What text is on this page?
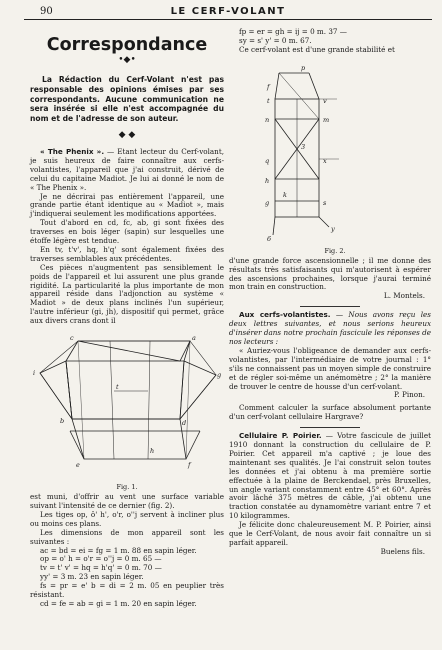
90	LE CERF-VOLANT
Correspondance
•◆•
La Rédaction du Cerf-Volant n'est pas responsable des opinions émises par ses correspondants. Aucune communication ne sera insérée si elle n'est accompagnée du nom et de l'adresse de son auteur.
◆ ◆

« The Phenix ». — Etant lecteur du Cerf-volant, je suis heureux de faire connaître aux cerfs-volantistes, l'appareil que j'ai construit, dérivé de celui du capitaine Madiot. Je lui ai donné le nom de « The Phenix ».

Je ne décrirai pas entièrement l'appareil, une grande partie étant identique au « Madiot », mais j'indiquerai seulement les modifications apportées.

Tout d'abord en cd, fc, ab, gi sont fixées des traverses en bois léger (sapin) sur lesquelles une étoffe légère est tendue.

En tv, t'v', hq, h'q' sont également fixées des traverses semblables aux précédentes.

Ces pièces n'augmentent pas sensiblement le poids de l'appareil et lui assurent une plus grande rigidité. La particularité la plus importante de mon appareil réside dans l'adjonction au système « Madiot » de deux plans inclinés l'un supérieur, l'autre inférieur (gi, jh), dispositif qui permet, grâce aux divers crans dont il

c	a
i	g
b	d
t
e	f
h
Fig. 1.

est muni, d'offrir au vent une surface variable suivant l'intensité de ce dernier (fig. 2).

Les tiges op, ô' h', o'r, o''j servent à incliner plus ou moins ces plans.

Les dimensions de mon appareil sont les suivantes :

ac = bd = ei = fg = 1 m. 88 en sapin léger.

op = o' h = o'r = o''j = 0 m. 65 —

tv = t' v' = hq = h'q' = 0 m. 70 —

yy' = 3 m. 23 en sapin léger.

fs = pr = e' b = di = 2 m. 05 en peuplier très résistant.

cd = fe = ab = gi = 1 m. 20 en sapin léger.

fp = er = gh = ij = 0 m. 37 —

sy = s' y' = 0 m. 67.

Ce cerf-volant est d'une grande stabilité et

p
f
t	v
n	m
q	x
h
g	s
y
3
k
6
Fig. 2.

d'une grande force ascensionnelle ; il me donne des résultats très satisfaisants qui m'autorisent à espérer des ascensions prochaines, lorsque j'aurai terminé mon train en construction.

L. Montels.

Aux cerfs-volantistes. — Nous avons reçu les deux lettres suivantes, et nous serions heureux d'insérer dans notre prochain fascicule les réponses de nos lecteurs :

« Auriez-vous l'obligeance de demander aux cerfs-volantistes, par l'intermédiaire de votre journal : 1° s'ils ne connaissent pas un moyen simple de construire et de régler soi-même un anémomètre ; 2° la manière de trouver le centre de housse d'un cerf-volant.

P. Pinon.

Comment calculer la surface absolument portante d'un cerf-volant cellulaire Hargrave?

Cellulaire P. Poirier. — Votre fascicule de juillet 1910 donnant la construction du cellulaire de P. Poirier. Cet appareil m'a captivé ; je loue des maintenant ses qualités. Je l'ai construit selon toutes les données et j'ai obtenu à ma première sortie effectuée à la plaine de Berckendael, près Bruxelles, un angle variant constamment entre 45° et 60°. Après avoir lâché 375 mètres de câble, j'ai obtenu une traction constatée au dynamomètre variant entre 7 et 10 kilogrammes.

Je félicite donc chaleureusement M. P. Poirier, ainsi que le Cerf-Volant, de nous avoir fait connaître un si parfait appareil.

Buelens fils.
